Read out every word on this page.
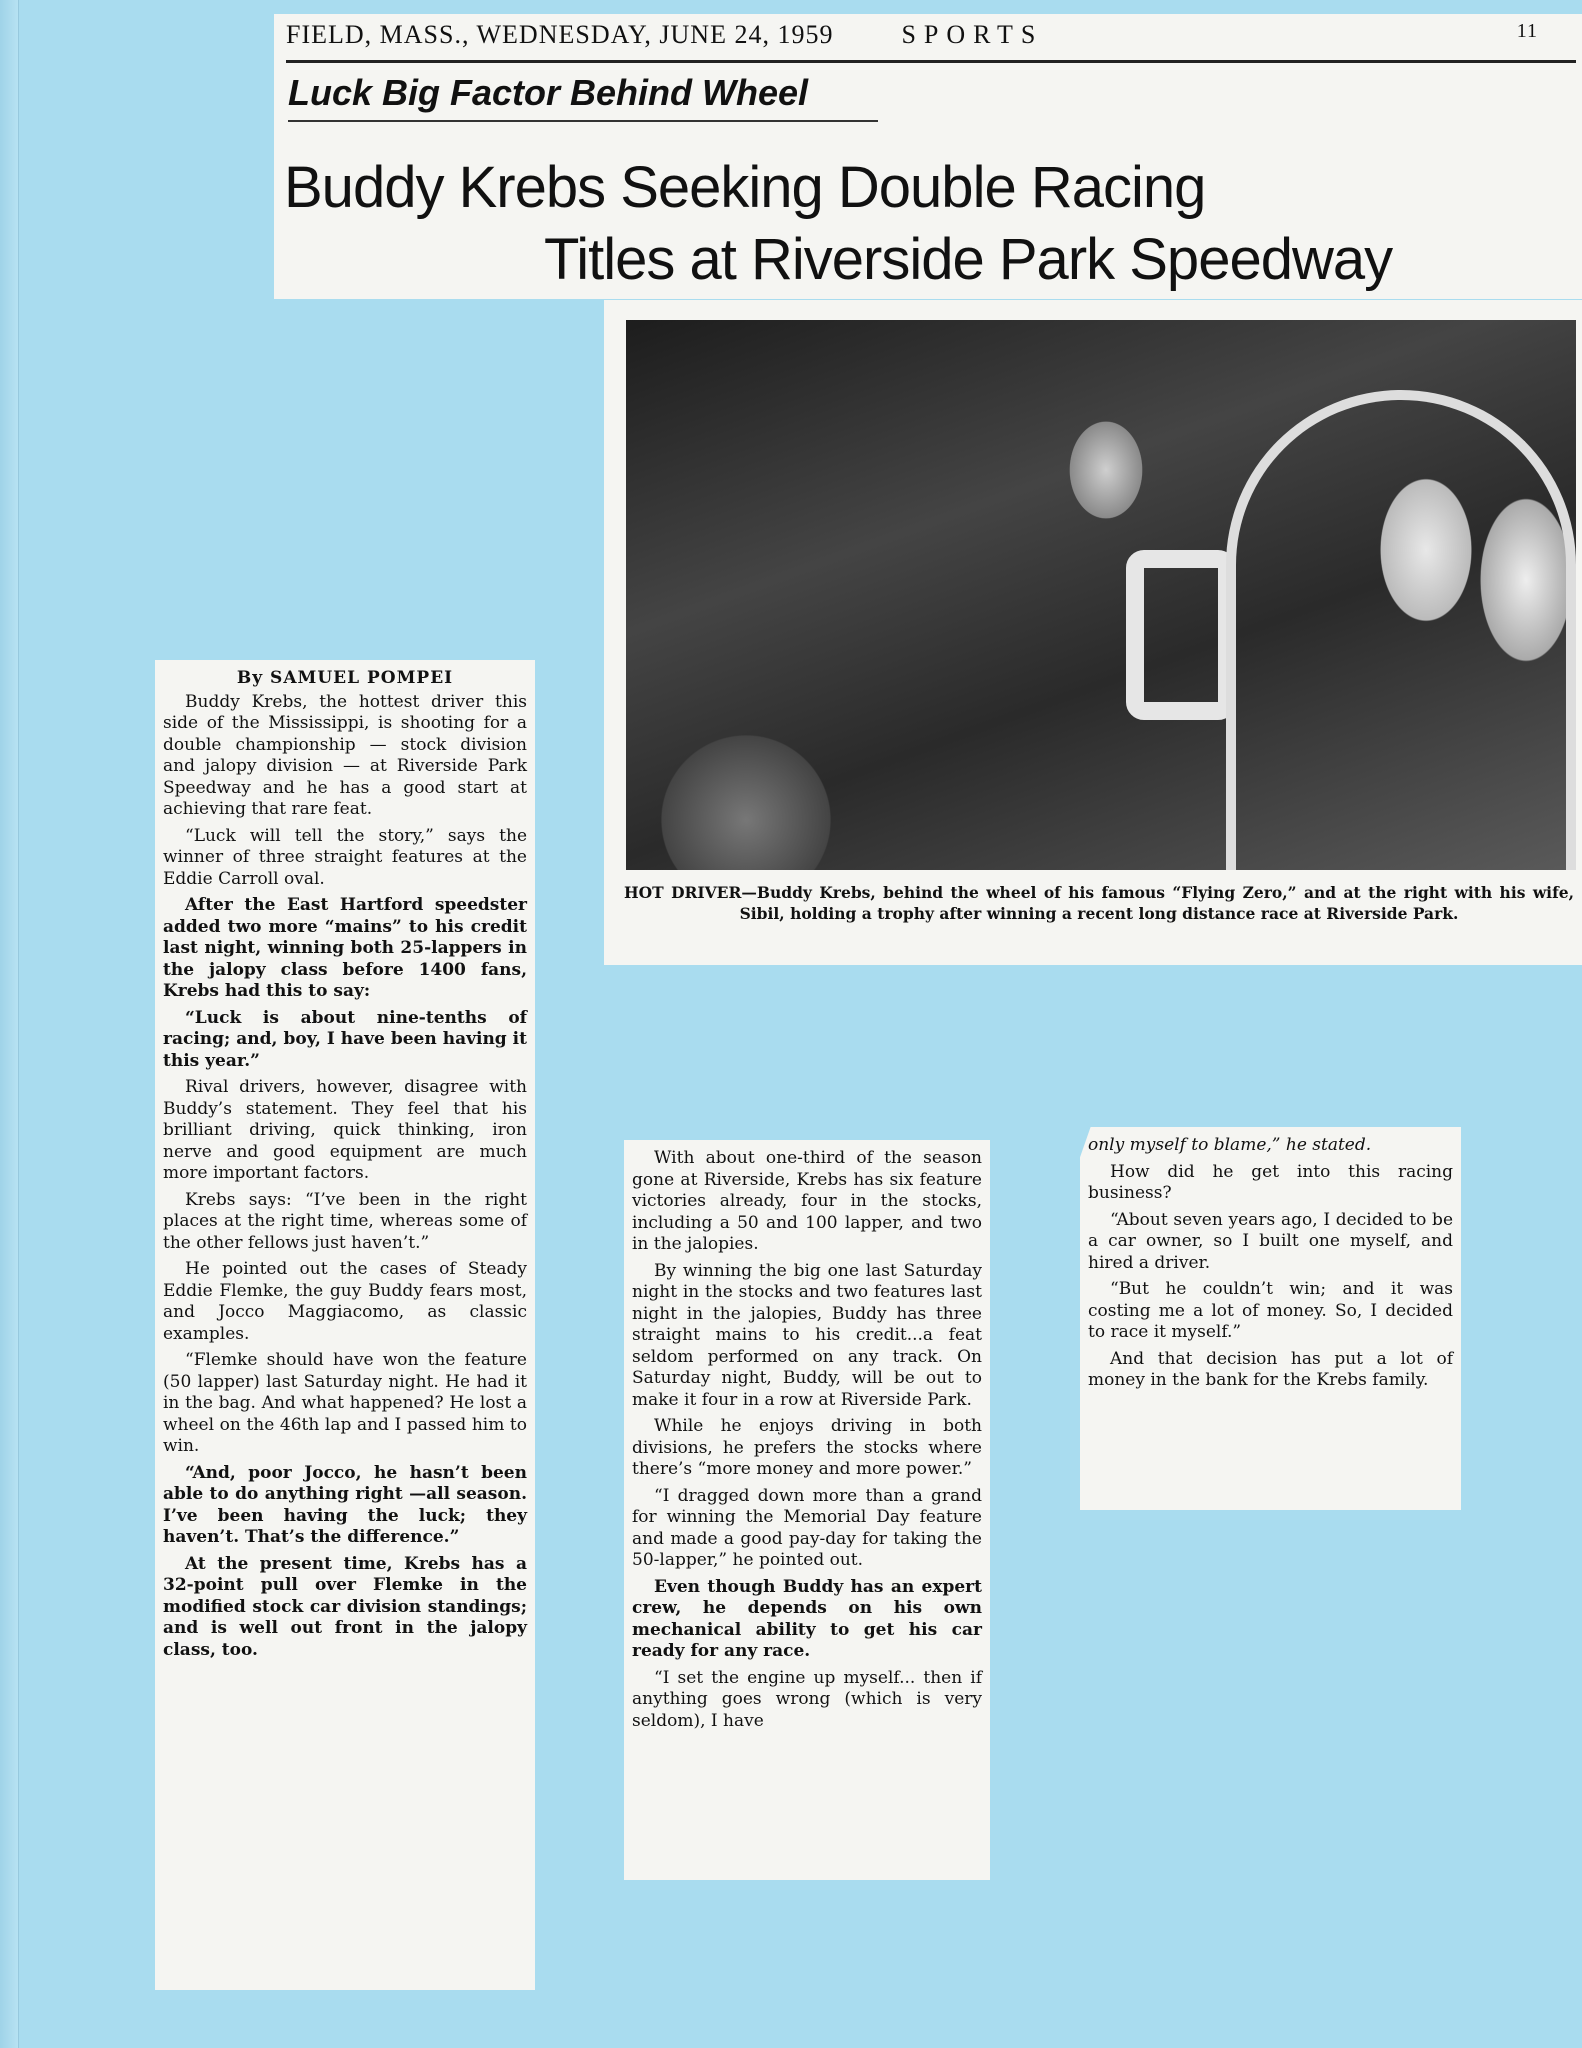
FIELD, MASS., WEDNESDAY, JUNE 24, 1959	SPORTS	11
Luck Big Factor Behind Wheel
Buddy Krebs Seeking Double Racing
Titles at Riverside Park Speedway
HOT DRIVER—Buddy Krebs, behind the wheel of his famous “Flying Zero,” and at the right with his wife, Sibil, holding a trophy after winning a recent long distance race at Riverside Park.

By SAMUEL POMPEI

Buddy Krebs, the hottest driver this side of the Mississippi, is shooting for a double championship — stock division and jalopy division — at Riverside Park Speedway and he has a good start at achieving that rare feat.

“Luck will tell the story,” says the winner of three straight features at the Eddie Carroll oval.

After the East Hartford speedster added two more “mains” to his credit last night, winning both 25-lappers in the jalopy class before 1400 fans, Krebs had this to say:

“Luck is about nine-tenths of racing; and, boy, I have been having it this year.”

Rival drivers, however, disagree with Buddy’s statement. They feel that his brilliant driving, quick thinking, iron nerve and good equipment are much more important factors.

Krebs says: “I’ve been in the right places at the right time, whereas some of the other fellows just haven’t.”

He pointed out the cases of Steady Eddie Flemke, the guy Buddy fears most, and Jocco Maggiacomo, as classic examples.

“Flemke should have won the feature (50 lapper) last Saturday night. He had it in the bag. And what happened? He lost a wheel on the 46th lap and I passed him to win.

“And, poor Jocco, he hasn’t been able to do anything right —all season. I’ve been having the luck; they haven’t. That’s the difference.”

At the present time, Krebs has a 32-point pull over Flemke in the modified stock car division standings; and is well out front in the jalopy class, too.

With about one-third of the season gone at Riverside, Krebs has six feature victories already, four in the stocks, including a 50 and 100 lapper, and two in the jalopies.

By winning the big one last Saturday night in the stocks and two features last night in the jalopies, Buddy has three straight mains to his credit...a feat seldom performed on any track. On Saturday night, Buddy, will be out to make it four in a row at Riverside Park.

While he enjoys driving in both divisions, he prefers the stocks where there’s “more money and more power.”

“I dragged down more than a grand for winning the Memorial Day feature and made a good pay-day for taking the 50-lapper,” he pointed out.

Even though Buddy has an expert crew, he depends on his own mechanical ability to get his car ready for any race.

“I set the engine up myself... then if anything goes wrong (which is very seldom), I have

only myself to blame,” he stated.

How did he get into this racing business?

“About seven years ago, I decided to be a car owner, so I built one myself, and hired a driver.

“But he couldn’t win; and it was costing me a lot of money. So, I decided to race it myself.”

And that decision has put a lot of money in the bank for the Krebs family.
